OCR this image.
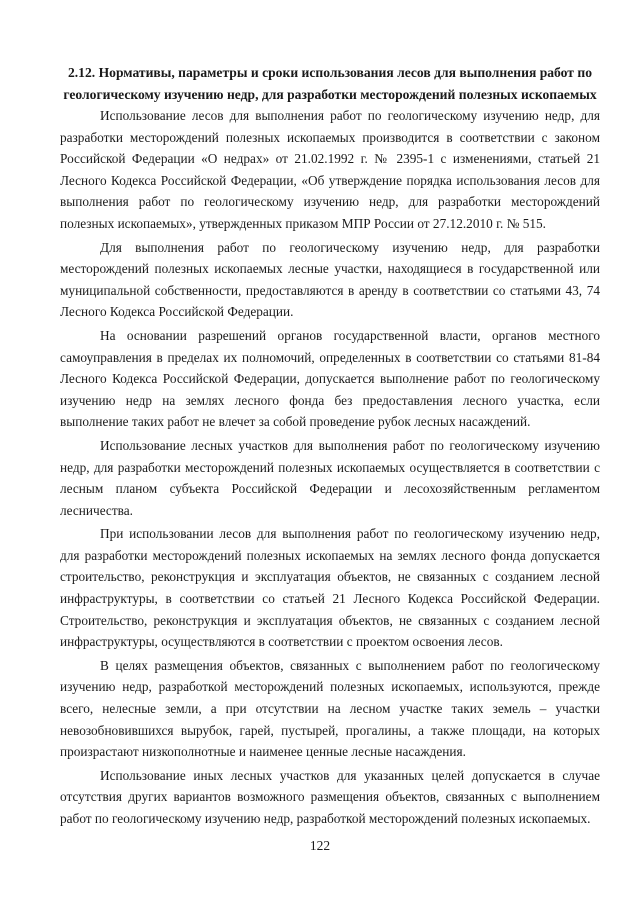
2.12. Нормативы, параметры и сроки использования лесов для выполнения работ по геологическому изучению недр, для разработки месторождений полезных ископаемых

Использование лесов для выполнения работ по геологическому изучению недр, для разработки месторождений полезных ископаемых производится в соответствии с законом Российской Федерации «О недрах» от 21.02.1992 г. № 2395-1 с изменениями, статьей 21 Лесного Кодекса Российской Федерации, «Об утверждение порядка использования лесов для выполнения работ по геологическому изучению недр, для разработки месторождений полезных ископаемых», утвержденных приказом МПР России от 27.12.2010 г. № 515.

Для выполнения работ по геологическому изучению недр, для разработки месторождений полезных ископаемых лесные участки, находящиеся в государственной или муниципальной собственности, предоставляются в аренду в соответствии со статьями 43, 74 Лесного Кодекса Российской Федерации.

На основании разрешений органов государственной власти, органов местного самоуправления в пределах их полномочий, определенных в соответствии со статьями 81-84 Лесного Кодекса Российской Федерации, допускается выполнение работ по геологическому изучению недр на землях лесного фонда без предоставления лесного участка, если выполнение таких работ не влечет за собой проведение рубок лесных насаждений.

Использование лесных участков для выполнения работ по геологическому изучению недр, для разработки месторождений полезных ископаемых осуществляется в соответствии с лесным планом субъекта Российской Федерации и лесохозяйственным регламентом лесничества.

При использовании лесов для выполнения работ по геологическому изучению недр, для разработки месторождений полезных ископаемых на землях лесного фонда допускается строительство, реконструкция и эксплуатация объектов, не связанных с созданием лесной инфраструктуры, в соответствии со статьей 21 Лесного Кодекса Российской Федерации. Строительство, реконструкция и эксплуатация объектов, не связанных с созданием лесной инфраструктуры, осуществляются в соответствии с проектом освоения лесов.

В целях размещения объектов, связанных с выполнением работ по геологическому изучению недр, разработкой месторождений полезных ископаемых, используются, прежде всего, нелесные земли, а при отсутствии на лесном участке таких земель – участки невозобновившихся вырубок, гарей, пустырей, прогалины, а также площади, на которых произрастают низкополнотные и наименее ценные лесные насаждения.

Использование иных лесных участков для указанных целей допускается в случае отсутствия других вариантов возможного размещения объектов, связанных с выполнением работ по геологическому изучению недр, разработкой месторождений полезных ископаемых.

122
